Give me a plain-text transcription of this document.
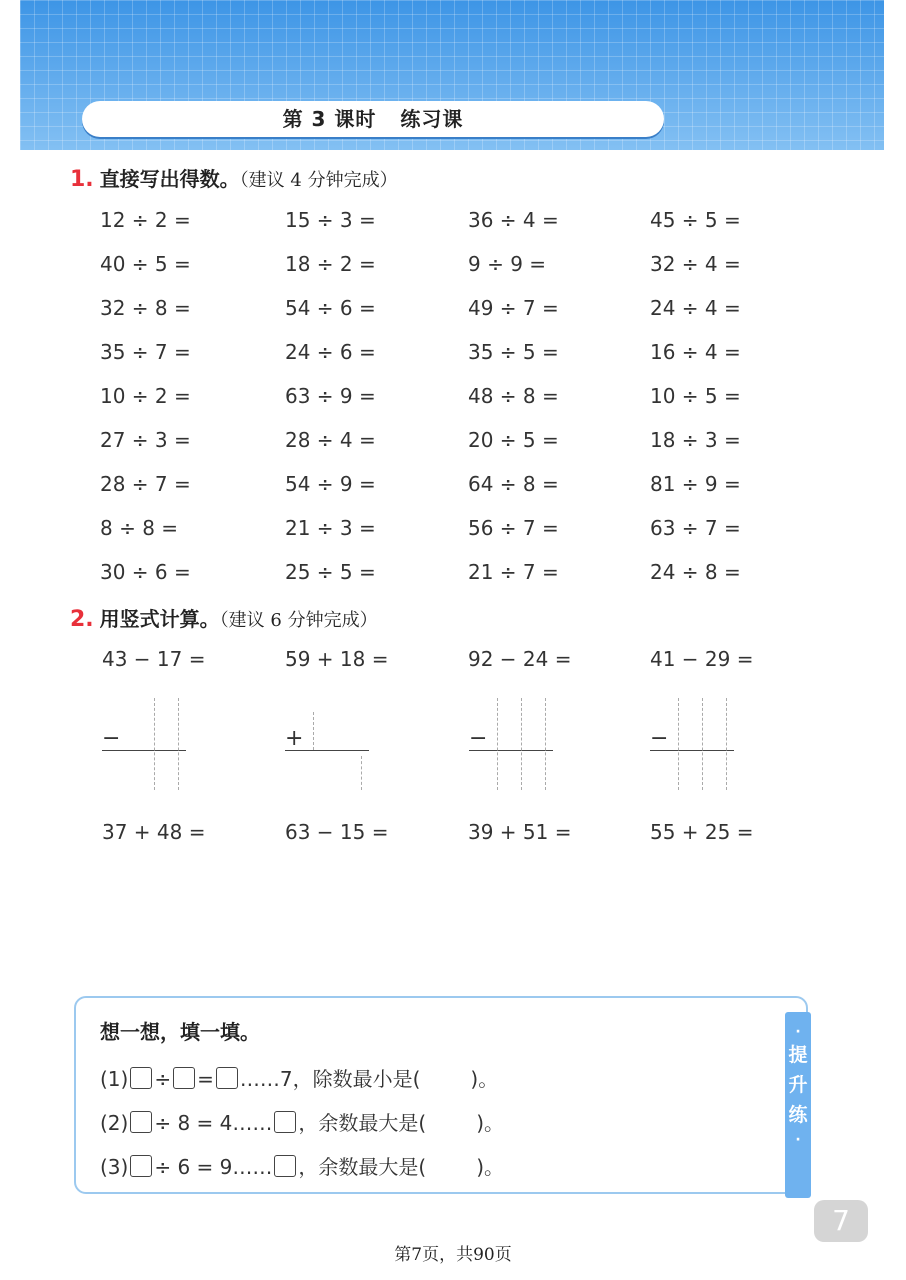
第 3 课时 练习课
1. 直接写出得数。（建议 4 分钟完成）
12 ÷ 2 =	15 ÷ 3 =	36 ÷ 4 =	45 ÷ 5 =
40 ÷ 5 =	18 ÷ 2 =	9 ÷ 9 =	32 ÷ 4 =
32 ÷ 8 =	54 ÷ 6 =	49 ÷ 7 =	24 ÷ 4 =
35 ÷ 7 =	24 ÷ 6 =	35 ÷ 5 =	16 ÷ 4 =
10 ÷ 2 =	63 ÷ 9 =	48 ÷ 8 =	10 ÷ 5 =
27 ÷ 3 =	28 ÷ 4 =	20 ÷ 5 =	18 ÷ 3 =
28 ÷ 7 =	54 ÷ 9 =	64 ÷ 8 =	81 ÷ 9 =
8 ÷ 8 =	21 ÷ 3 =	56 ÷ 7 =	63 ÷ 7 =
30 ÷ 6 =	25 ÷ 5 =	21 ÷ 7 =	24 ÷ 8 =
2. 用竖式计算。（建议 6 分钟完成）
43 − 17 =	59 + 18 =	92 − 24 =	41 − 29 =
−	+	−	−
37 + 48 =	63 − 15 =	39 + 51 =	55 + 25 =
想一想，填一填。
(1) ÷ = ……7，除数最小是(	)。
(2) ÷ 8 = 4…… ，余数最大是(	)。
(3) ÷ 6 = 9…… ，余数最大是(	)。
·
提
升
练
·
7
第7页，共90页
